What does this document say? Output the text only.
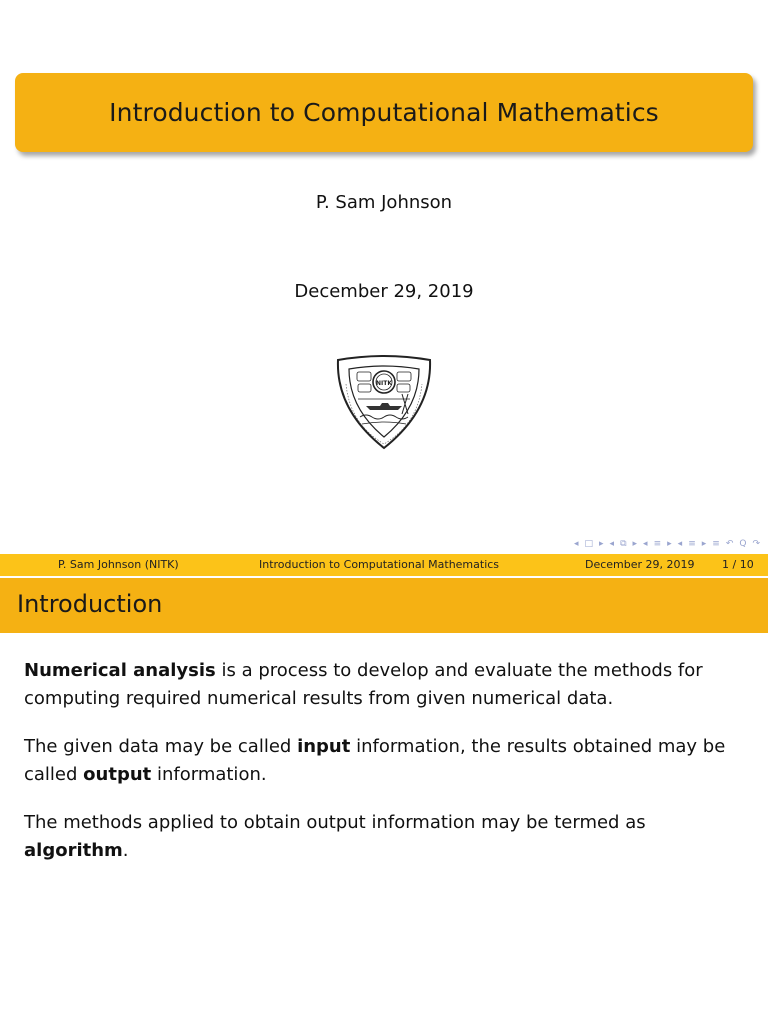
Introduction to Computational Mathematics
P. Sam Johnson
December 29, 2019
NITK
◂ □ ▸ ◂ ⧉ ▸ ◂ ≡ ▸ ◂ ≡ ▸ ≡ ↶ Q ↷
P. Sam Johnson (NITK)	Introduction to Computational Mathematics	December 29, 2019 1 / 10
Introduction

Numerical analysis is a process to develop and evaluate the methods for computing required numerical results from given numerical data.

The given data may be called input information, the results obtained may be called output information.

The methods applied to obtain output information may be termed as algorithm.
